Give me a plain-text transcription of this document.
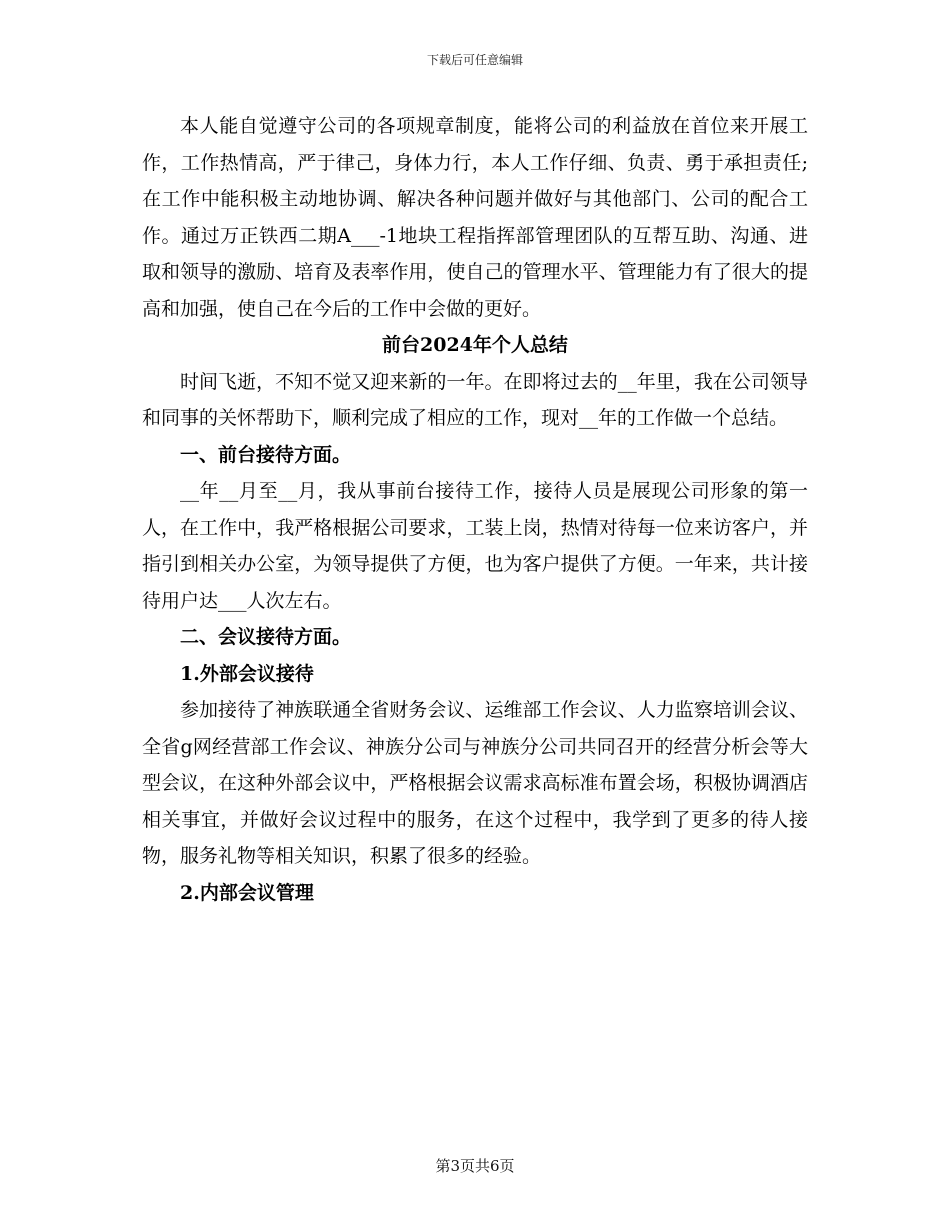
下载后可任意编辑

本人能自觉遵守公司的各项规章制度，能将公司的利益放在首位来开展工作，工作热情高，严于律己，身体力行，本人工作仔细、负责、勇于承担责任;在工作中能积极主动地协调、解决各种问题并做好与其他部门、公司的配合工作。通过万正铁西二期A___-1地块工程指挥部管理团队的互帮互助、沟通、进取和领导的激励、培育及表率作用，使自己的管理水平、管理能力有了很大的提高和加强，使自己在今后的工作中会做的更好。

前台2024年个人总结

时间飞逝，不知不觉又迎来新的一年。在即将过去的__年里，我在公司领导和同事的关怀帮助下，顺利完成了相应的工作，现对__年的工作做一个总结。

一、前台接待方面。

__年__月至__月，我从事前台接待工作，接待人员是展现公司形象的第一人，在工作中，我严格根据公司要求，工装上岗，热情对待每一位来访客户，并指引到相关办公室，为领导提供了方便，也为客户提供了方便。一年来，共计接待用户达___人次左右。

二、会议接待方面。

1.外部会议接待

参加接待了神族联通全省财务会议、运维部工作会议、人力监察培训会议、全省g网经营部工作会议、神族分公司与神族分公司共同召开的经营分析会等大型会议，在这种外部会议中，严格根据会议需求高标准布置会场，积极协调酒店相关事宜，并做好会议过程中的服务，在这个过程中，我学到了更多的待人接物，服务礼物等相关知识，积累了很多的经验。

2.内部会议管理

第3页共6页
